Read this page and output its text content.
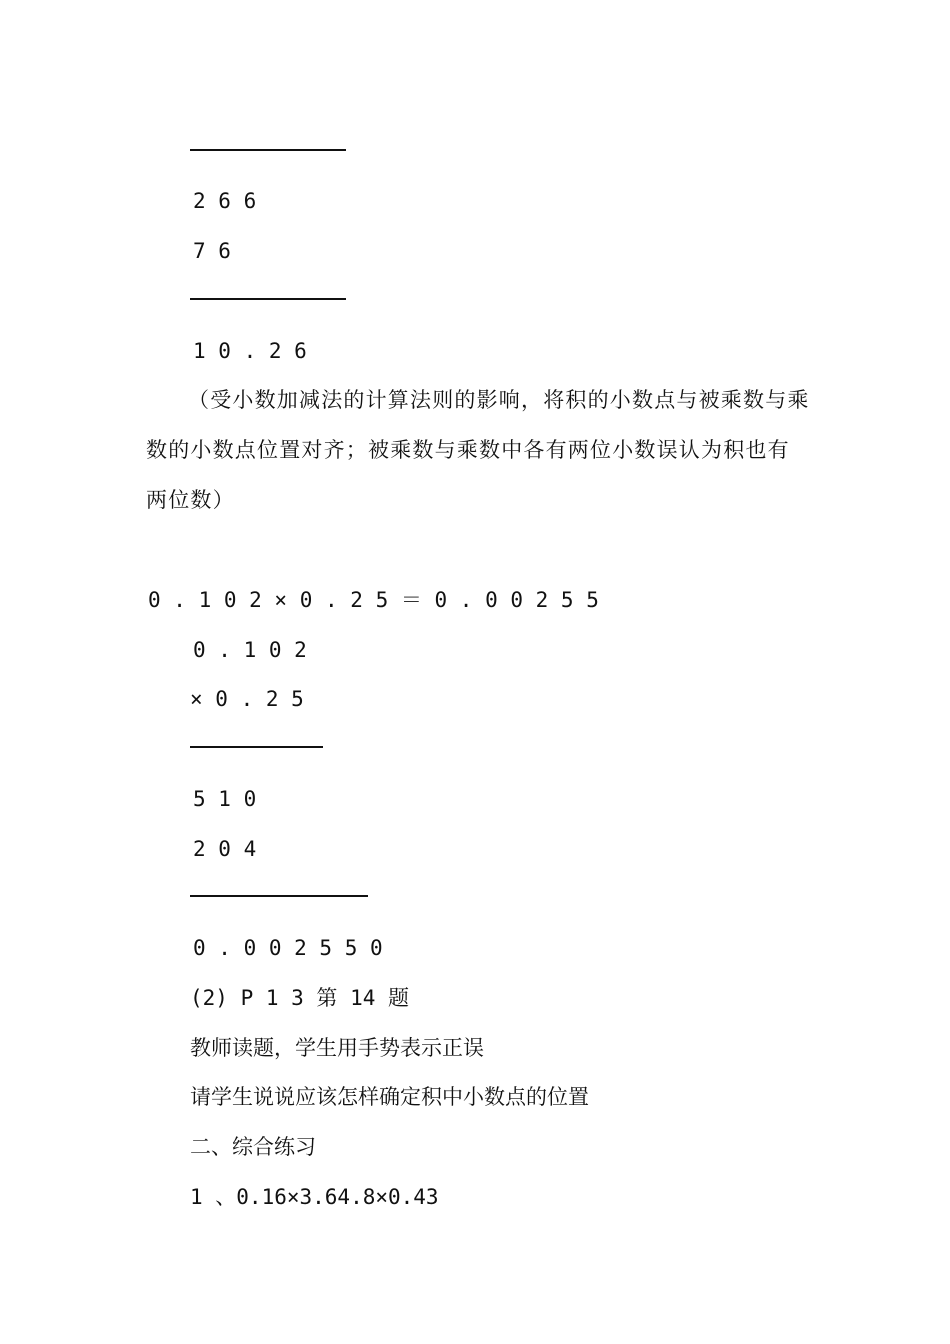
2 6 6
7 6
1 0 . 2 6
（受小数加减法的计算法则的影响，将积的小数点与被乘数与乘数的小数点位置对齐；被乘数与乘数中各有两位小数误认为积也有两位数）
0 . 1 0 2 × 0 . 2 5 ＝ 0 . 0 0 2 5 5
0 . 1 0 2
× 0 . 2 5
5 1 0
2 0 4
0 . 0 0 2 5 5 0
(2) P 1 3 第 14 题
教师读题，学生用手势表示正误
请学生说说应该怎样确定积中小数点的位置
二、综合练习
1 、0.16×3.64.8×0.43
